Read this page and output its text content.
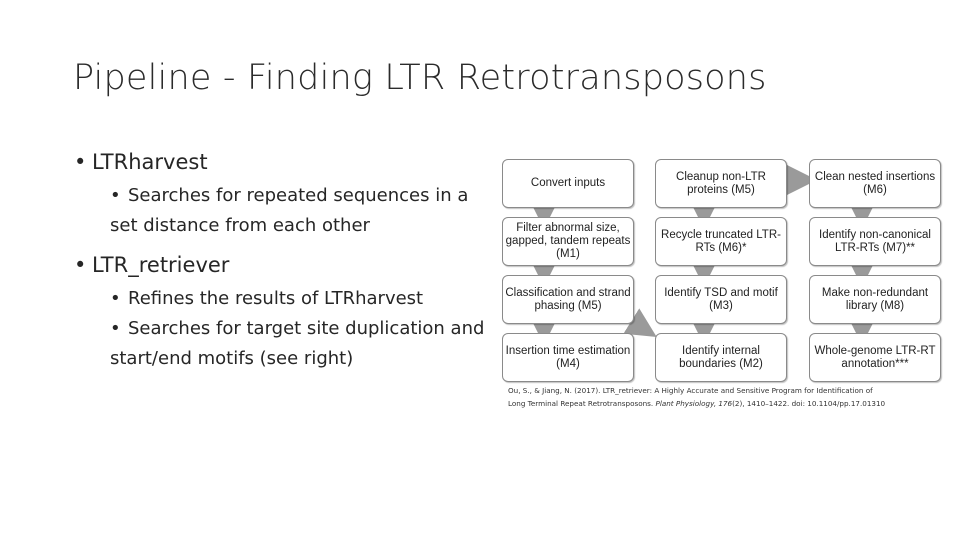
Pipeline - Finding LTR Retrotransposons
• LTRharvest
• Searches for repeated sequences in a set distance from each other
• LTR_retriever
• Refines the results of LTRharvest
• Searches for target site duplication and start/end motifs (see right)
Convert inputs
Filter abnormal size, gapped, tandem repeats (M1)
Classification and strand phasing (M5)
Insertion time estimation (M4)
Cleanup non-LTR proteins (M5)
Recycle truncated LTR-RTs (M6)*
Identify TSD and motif (M3)
Identify internal boundaries (M2)
Clean nested insertions (M6)
Identify non-canonical LTR-RTs (M7)**
Make non-redundant library (M8)
Whole-genome LTR-RT annotation***
Ou, S., & Jiang, N. (2017). LTR_retriever: A Highly Accurate and Sensitive Program for Identification of
Long Terminal Repeat Retrotransposons. Plant Physiology, 176(2), 1410–1422. doi: 10.1104/pp.17.01310
